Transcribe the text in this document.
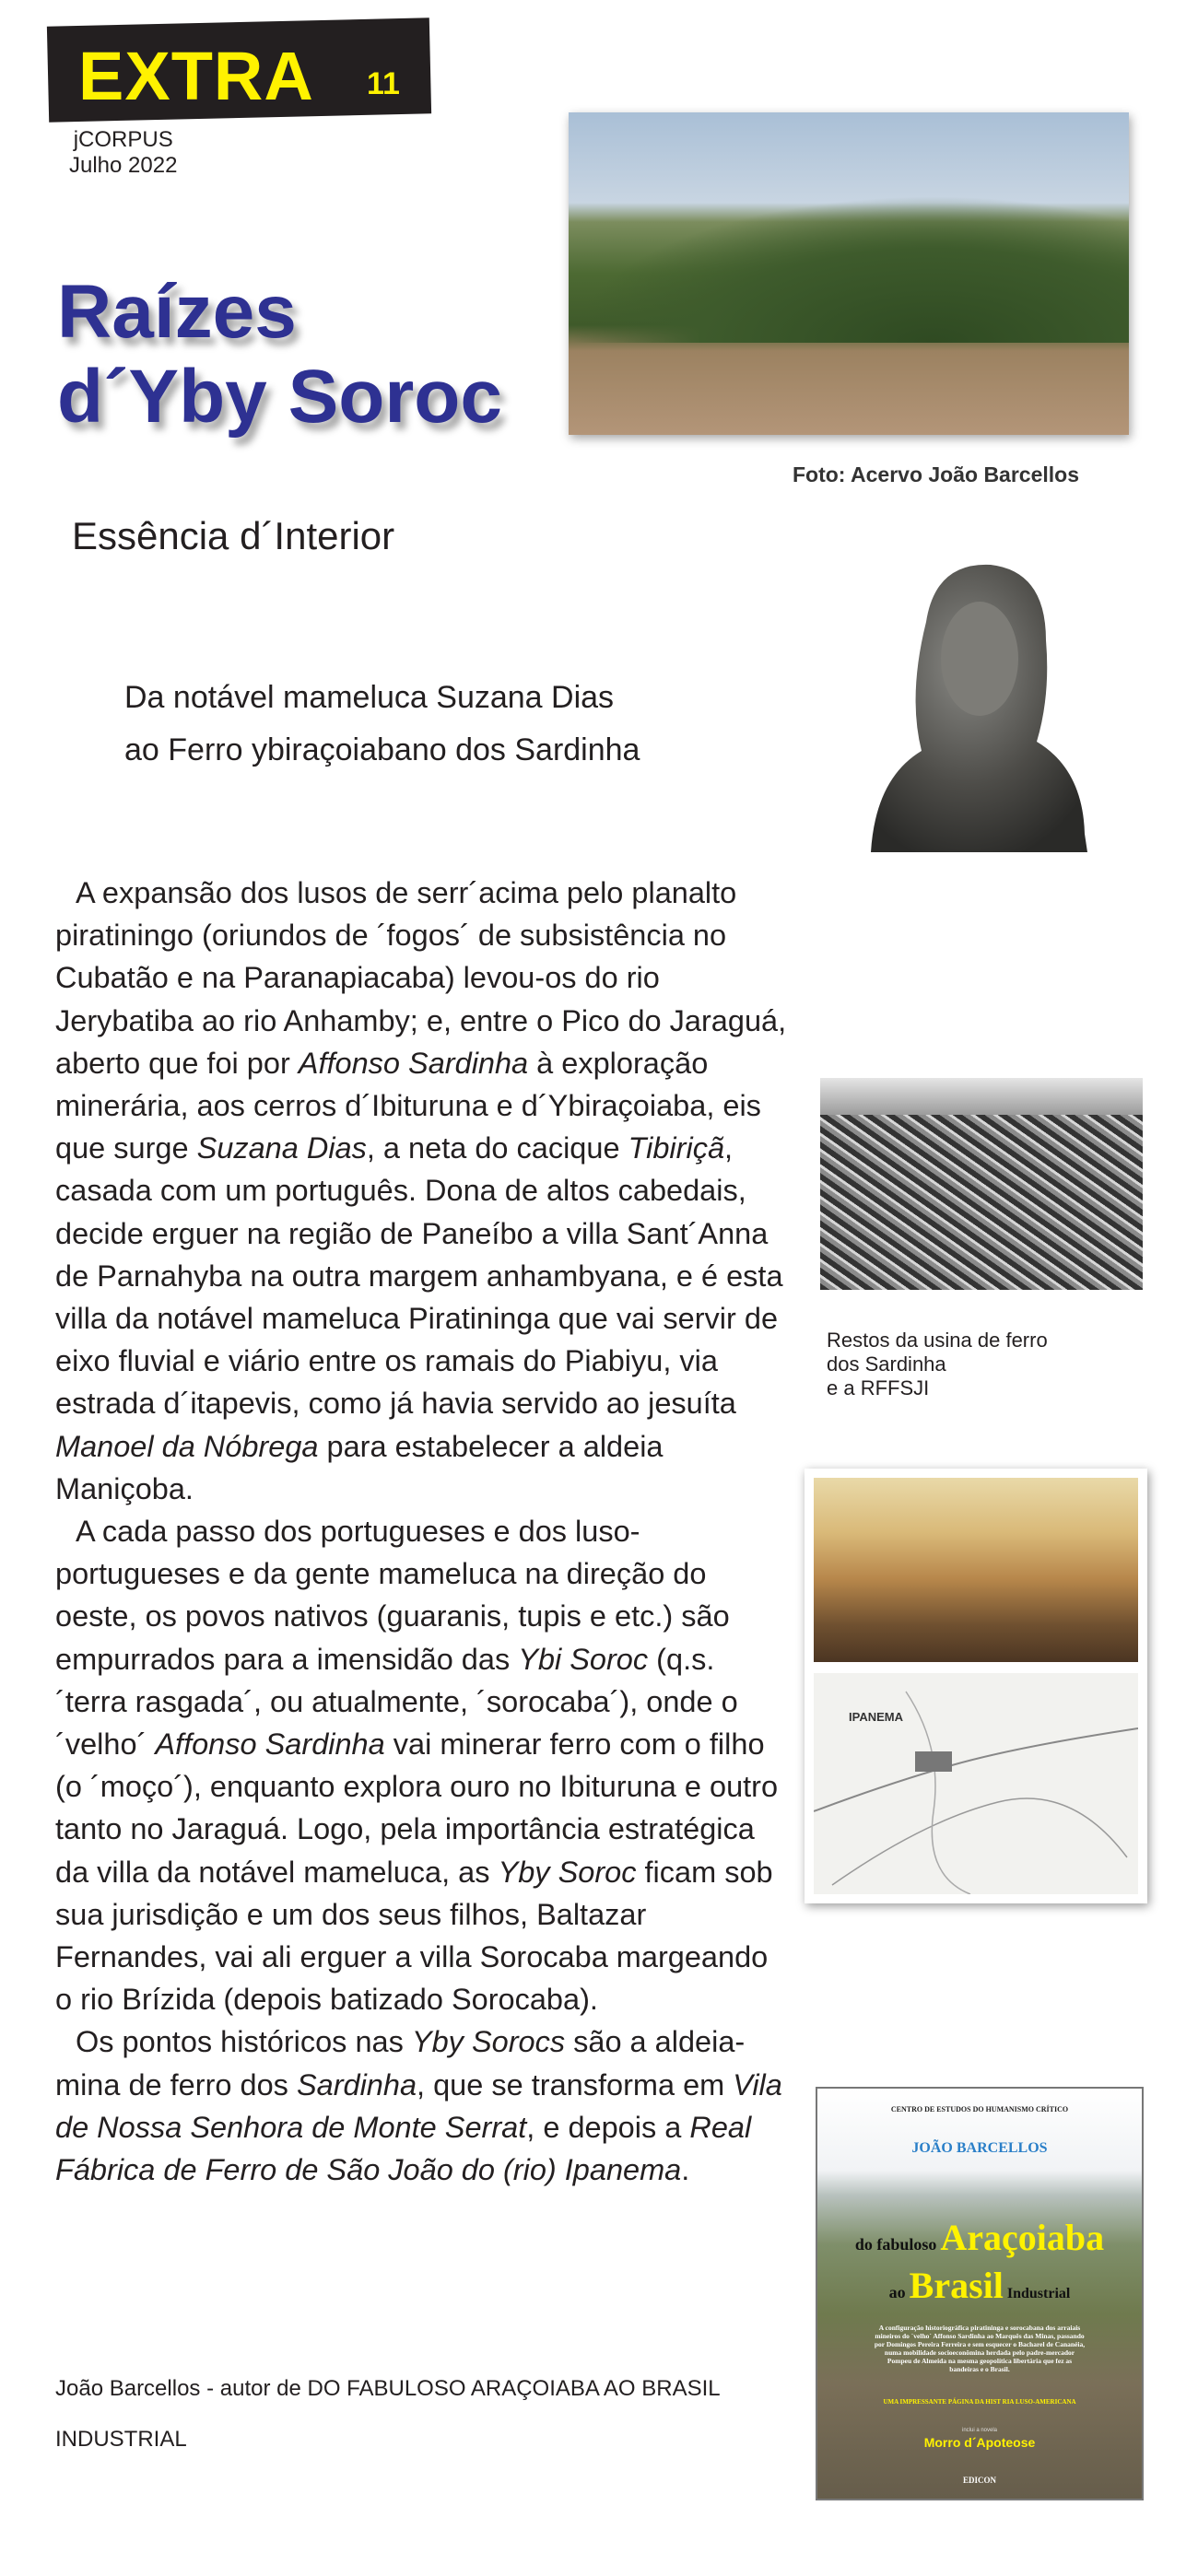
EXTRA 11
jCORPUS
Julho 2022
Raízes
d´Yby Soroc
Essência d´Interior
Foto: Acervo João Barcellos
Da notável mameluca Suzana Dias
ao Ferro ybiraçoiabano dos Sardinha

A expansão dos lusos de serr´acima pelo planalto piratiningo (oriundos de ´fogos´ de subsistência no Cubatão e na Paranapiacaba) levou-os do rio Jerybatiba ao rio Anhamby; e, entre o Pico do Jaraguá, aberto que foi por Affonso Sardinha à exploração minerária, aos cerros d´Ibituruna e d´Ybiraçoiaba, eis que surge Suzana Dias, a neta do cacique Tibiriçã, casada com um português. Dona de altos cabedais, decide erguer na região de Paneíbo a villa Sant´Anna de Parnahyba na outra margem anhambyana, e é esta villa da notável mameluca Piratininga que vai servir de eixo fluvial e viário entre os ramais do Piabiyu, via estrada d´itapevis, como já havia servido ao jesuíta Manoel da Nóbrega para estabelecer a aldeia Maniçoba.

A cada passo dos portugueses e dos luso-portugueses e da gente mameluca na direção do oeste, os povos nativos (guaranis, tupis e etc.) são empurrados para a imensidão das Ybi Soroc (q.s. ´terra rasgada´, ou atualmente, ´sorocaba´), onde o ´velho´ Affonso Sardinha vai minerar ferro com o filho (o ´moço´), enquanto explora ouro no Ibituruna e outro tanto no Jaraguá. Logo, pela importância estratégica da villa da notável mameluca, as Yby Soroc ficam sob sua jurisdição e um dos seus filhos, Baltazar Fernandes, vai ali erguer a villa Sorocaba margeando o rio Brízida (depois batizado Sorocaba).

Os pontos históricos nas Yby Sorocs são a aldeia-mina de ferro dos Sardinha, que se transforma em Vila de Nossa Senhora de Monte Serrat, e depois a Real Fábrica de Ferro de São João do (rio) Ipanema.

Restos da usina de ferro
dos Sardinha
e a RFFSJI
IPANEMA
CENTRO DE ESTUDOS DO HUMANISMO CRÍTICO
JOÃO BARCELLOS
do fabuloso Araçoiaba
ao Brasil Industrial
A configuração historiográfica piratininga e sorocabana dos arraiais mineiros do ´velho´ Affonso Sardinha ao Marquês das Minas, passando por Domingos Pereira Ferreira e sem esquecer o Bacharel de Cananéia, numa mobilidade socioeconômina herdada pelo padre-mercador Pompeu de Almeida na mesma geopolítica libertária que fez as bandeiras e o Brasil.
UMA IMPRESSANTE PÁGINA DA HIST RIA LUSO-AMERICANA
inclui a novela
Morro d´Apoteose
EDICON
João Barcellos - autor de DO FABULOSO ARAÇOIABA AO BRASIL INDUSTRIAL
